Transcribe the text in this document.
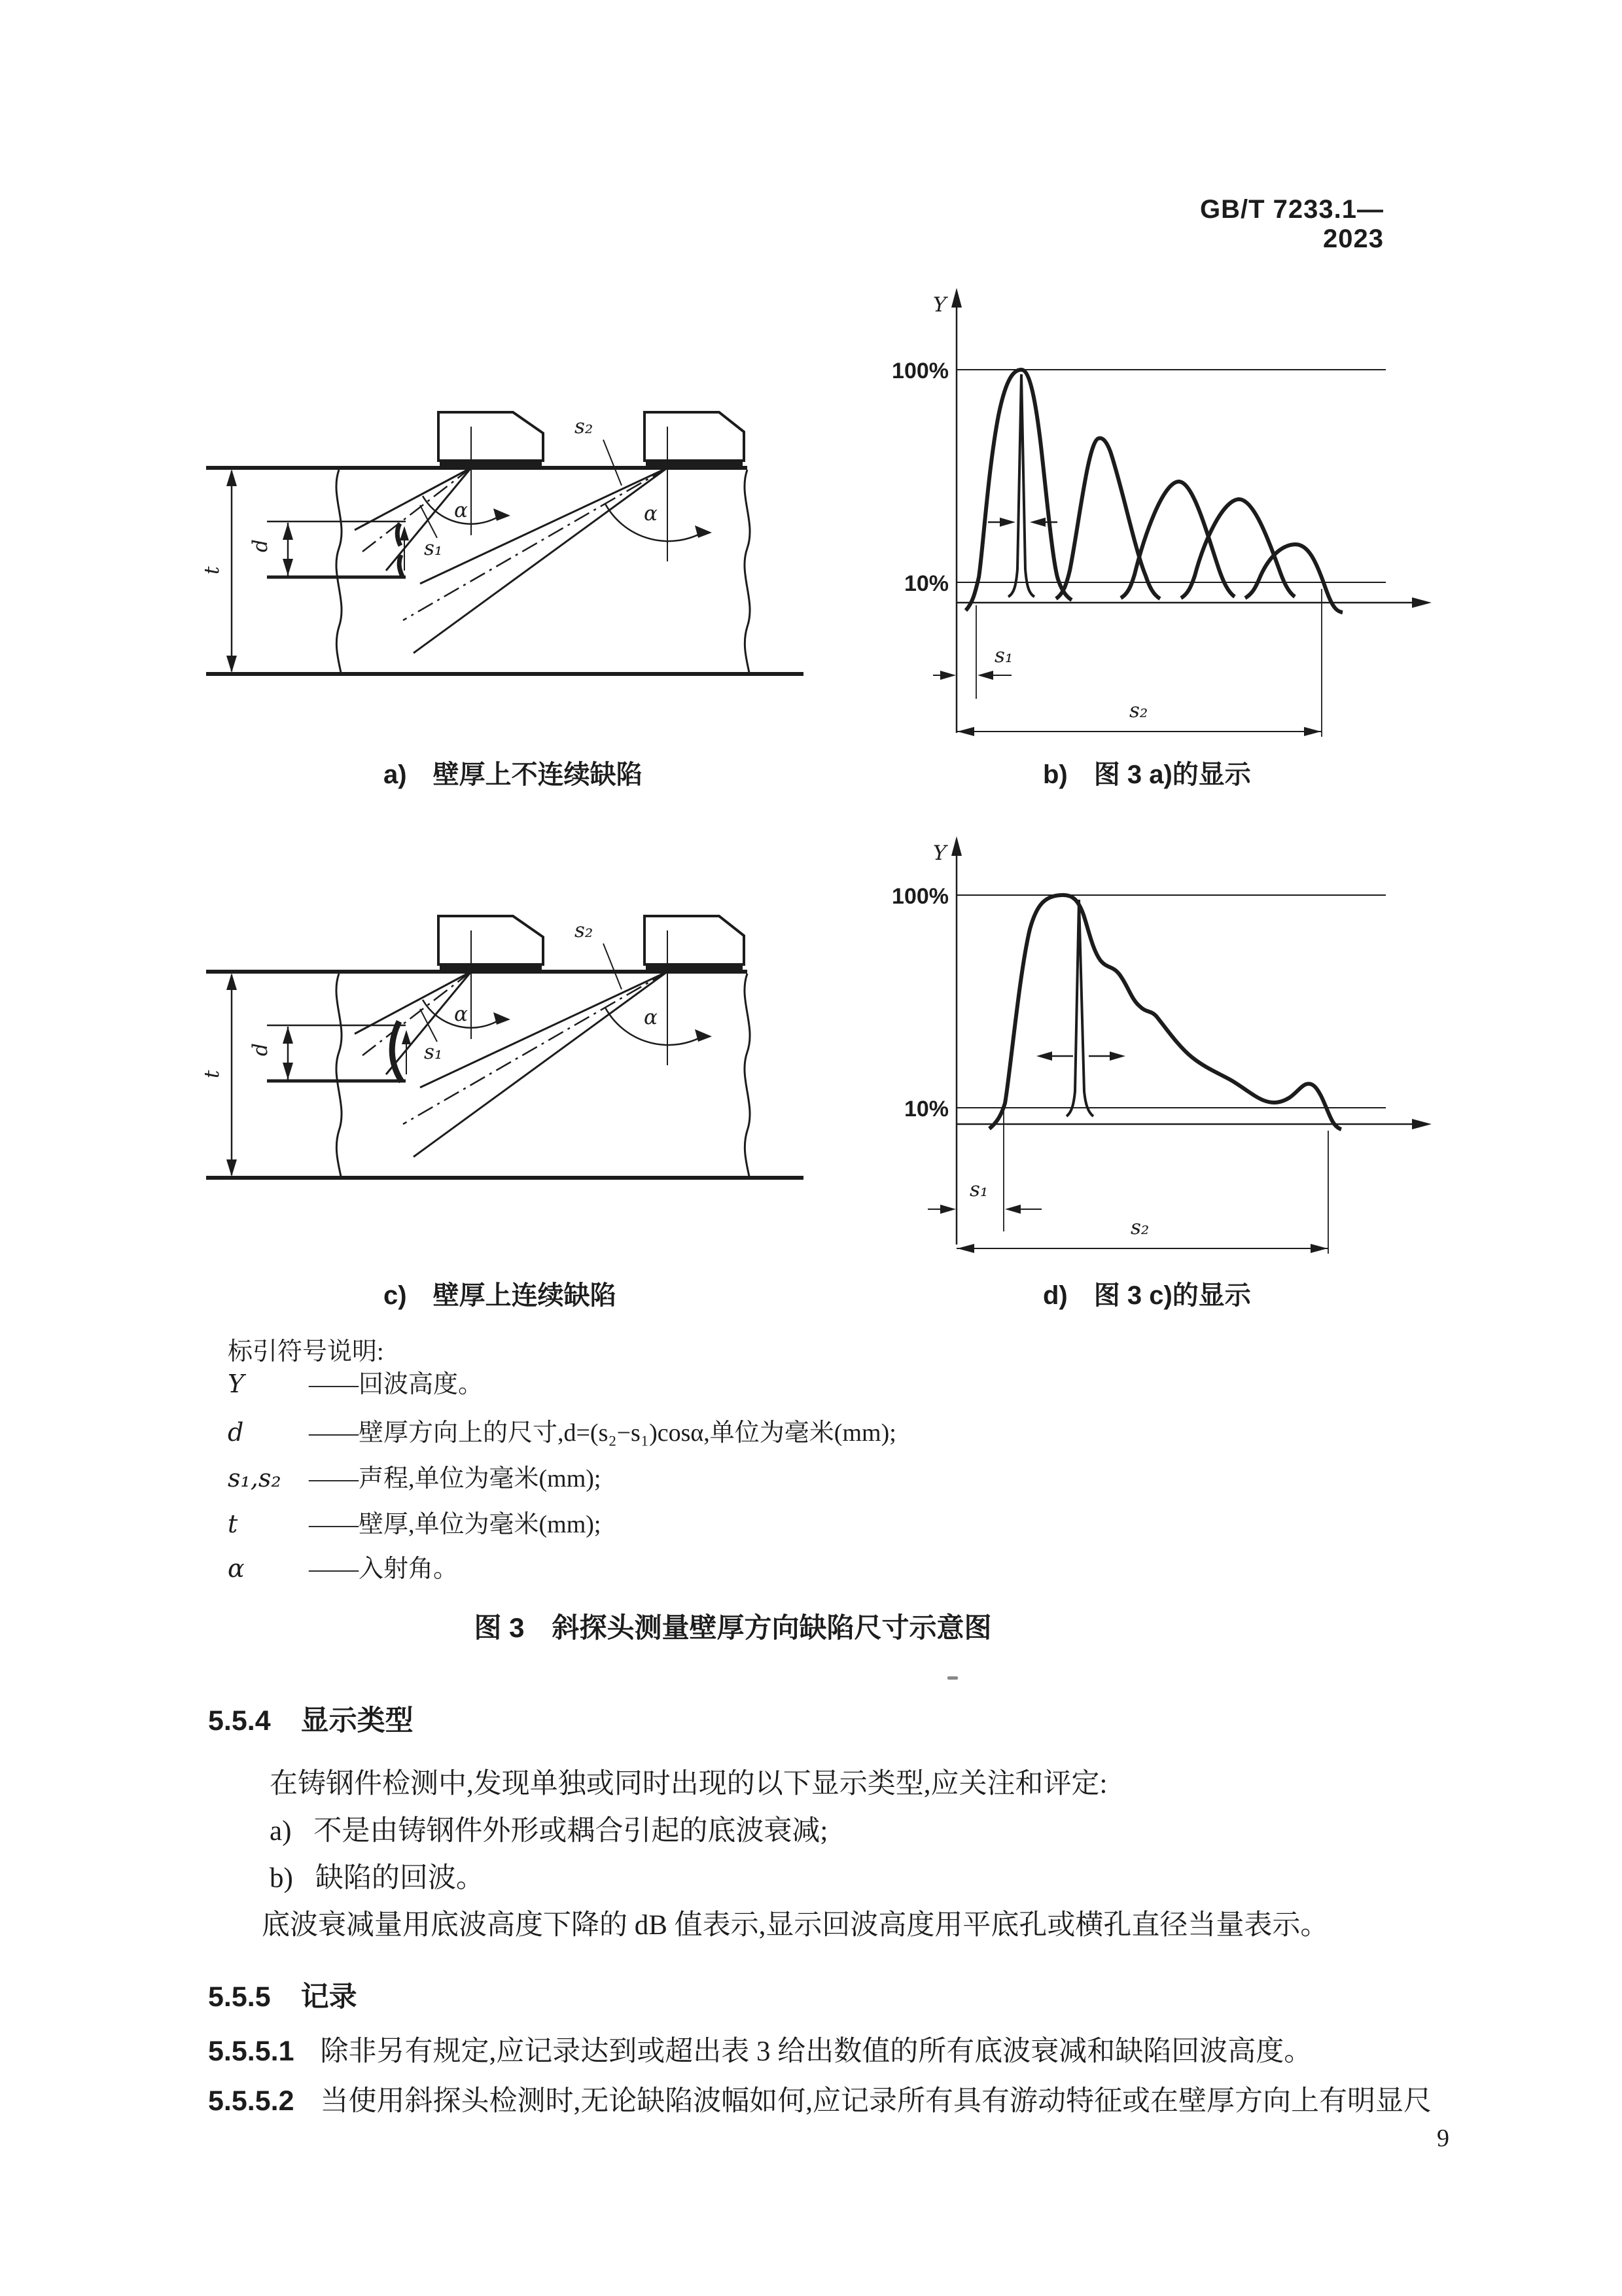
GB/T 7233.1—2023
α	α
s₁
s₂
t
d
Y
100%
10%
s₁
s₂
a)　壁厚上不连续缺陷	b)　图 3 a)的显示
α	α
s₁
s₂
t
d
Y
100%
10%
s₁
s₂
c)　壁厚上连续缺陷	d)　图 3 c)的显示
标引符号说明:
Y	——回波高度。
d	——壁厚方向上的尺寸,d=(s₂−s₁)cosα,单位为毫米(mm);
s₁,s₂ ——声程,单位为毫米(mm);
t	——壁厚,单位为毫米(mm);
α	——入射角。
图 3　斜探头测量壁厚方向缺陷尺寸示意图
5.5.4 显示类型
在铸钢件检测中,发现单独或同时出现的以下显示类型,应关注和评定:
a) 不是由铸钢件外形或耦合引起的底波衰减;
b) 缺陷的回波。
底波衰减量用底波高度下降的 dB 值表示,显示回波高度用平底孔或横孔直径当量表示。
5.5.5 记录
5.5.5.1 除非另有规定,应记录达到或超出表 3 给出数值的所有底波衰减和缺陷回波高度。
5.5.5.2 当使用斜探头检测时,无论缺陷波幅如何,应记录所有具有游动特征或在壁厚方向上有明显尺
9
